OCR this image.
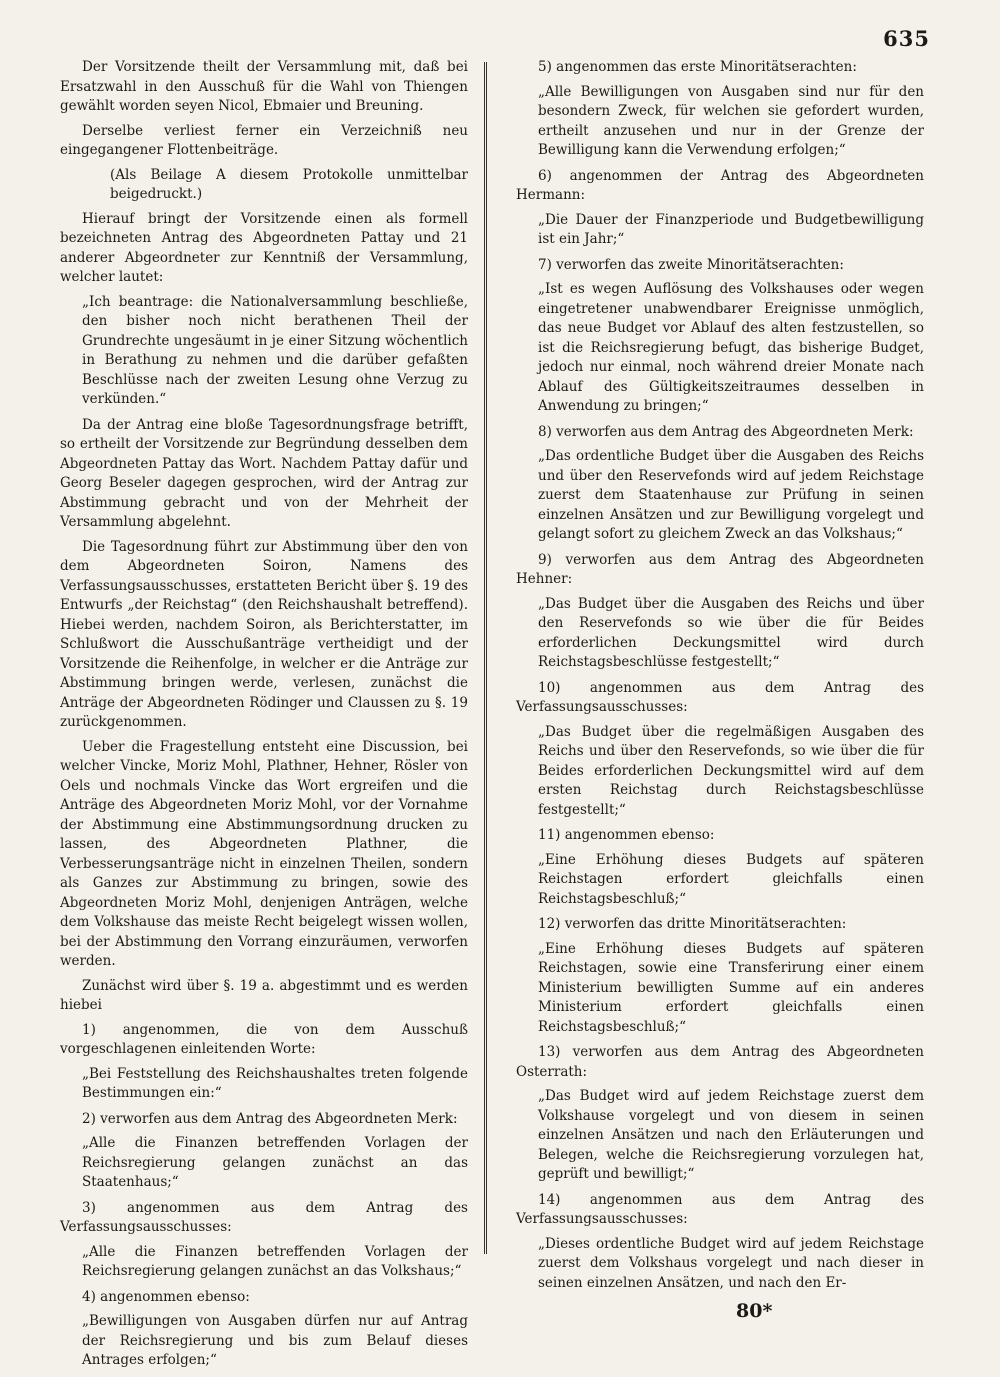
635

Der Vorsitzende theilt der Versammlung mit, daß bei Ersatzwahl in den Ausschuß für die Wahl von Thiengen gewählt worden seyen Nicol, Ebmaier und Breuning.

Derselbe verliest ferner ein Verzeichniß neu eingegangener Flottenbeiträge.

(Als Beilage A diesem Protokolle unmittelbar beigedruckt.)

Hierauf bringt der Vorsitzende einen als formell bezeichneten Antrag des Abgeordneten Pattay und 21 anderer Abgeordneter zur Kenntniß der Versammlung, welcher lautet:

„Ich beantrage: die Nationalversammlung beschließe, den bisher noch nicht berathenen Theil der Grundrechte ungesäumt in je einer Sitzung wöchentlich in Berathung zu nehmen und die darüber gefaßten Beschlüsse nach der zweiten Lesung ohne Verzug zu verkünden.“

Da der Antrag eine bloße Tagesordnungsfrage betrifft, so ertheilt der Vorsitzende zur Begründung desselben dem Abgeordneten Pattay das Wort. Nachdem Pattay dafür und Georg Beseler dagegen gesprochen, wird der Antrag zur Abstimmung gebracht und von der Mehrheit der Versammlung abgelehnt.

Die Tagesordnung führt zur Abstimmung über den von dem Abgeordneten Soiron, Namens des Verfassungsausschusses, erstatteten Bericht über §. 19 des Entwurfs „der Reichstag“ (den Reichshaushalt betreffend). Hiebei werden, nachdem Soiron, als Berichterstatter, im Schlußwort die Ausschußanträge vertheidigt und der Vorsitzende die Reihenfolge, in welcher er die Anträge zur Abstimmung bringen werde, verlesen, zunächst die Anträge der Abgeordneten Rödinger und Claussen zu §. 19 zurückgenommen.

Ueber die Fragestellung entsteht eine Discussion, bei welcher Vincke, Moriz Mohl, Plathner, Hehner, Rösler von Oels und nochmals Vincke das Wort ergreifen und die Anträge des Abgeordneten Moriz Mohl, vor der Vornahme der Abstimmung eine Abstimmungsordnung drucken zu lassen, des Abgeordneten Plathner, die Verbesserungsanträge nicht in einzelnen Theilen, sondern als Ganzes zur Abstimmung zu bringen, sowie des Abgeordneten Moriz Mohl, denjenigen Anträgen, welche dem Volkshause das meiste Recht beigelegt wissen wollen, bei der Abstimmung den Vorrang einzuräumen, verworfen werden.

Zunächst wird über §. 19 a. abgestimmt und es werden hiebei

1) angenommen, die von dem Ausschuß vorgeschlagenen einleitenden Worte:

„Bei Feststellung des Reichshaushaltes treten folgende Bestimmungen ein:“

2) verworfen aus dem Antrag des Abgeordneten Merk:

„Alle die Finanzen betreffenden Vorlagen der Reichsregierung gelangen zunächst an das Staatenhaus;“

3) angenommen aus dem Antrag des Verfassungsausschusses:

„Alle die Finanzen betreffenden Vorlagen der Reichsregierung gelangen zunächst an das Volkshaus;“

4) angenommen ebenso:

„Bewilligungen von Ausgaben dürfen nur auf Antrag der Reichsregierung und bis zum Belauf dieses Antrages erfolgen;“

5) angenommen das erste Minoritätserachten:

„Alle Bewilligungen von Ausgaben sind nur für den besondern Zweck, für welchen sie gefordert wurden, ertheilt anzusehen und nur in der Grenze der Bewilligung kann die Verwendung erfolgen;“

6) angenommen der Antrag des Abgeordneten Hermann:

„Die Dauer der Finanzperiode und Budgetbewilligung ist ein Jahr;“

7) verworfen das zweite Minoritätserachten:

„Ist es wegen Auflösung des Volkshauses oder wegen eingetretener unabwendbarer Ereignisse unmöglich, das neue Budget vor Ablauf des alten festzustellen, so ist die Reichsregierung befugt, das bisherige Budget, jedoch nur einmal, noch während dreier Monate nach Ablauf des Gültigkeitszeitraumes desselben in Anwendung zu bringen;“

8) verworfen aus dem Antrag des Abgeordneten Merk:

„Das ordentliche Budget über die Ausgaben des Reichs und über den Reservefonds wird auf jedem Reichstage zuerst dem Staatenhause zur Prüfung in seinen einzelnen Ansätzen und zur Bewilligung vorgelegt und gelangt sofort zu gleichem Zweck an das Volkshaus;“

9) verworfen aus dem Antrag des Abgeordneten Hehner:

„Das Budget über die Ausgaben des Reichs und über den Reservefonds so wie über die für Beides erforderlichen Deckungsmittel wird durch Reichstagsbeschlüsse festgestellt;“

10) angenommen aus dem Antrag des Verfassungsausschusses:

„Das Budget über die regelmäßigen Ausgaben des Reichs und über den Reservefonds, so wie über die für Beides erforderlichen Deckungsmittel wird auf dem ersten Reichstag durch Reichstagsbeschlüsse festgestellt;“

11) angenommen ebenso:

„Eine Erhöhung dieses Budgets auf späteren Reichstagen erfordert gleichfalls einen Reichstagsbeschluß;“

12) verworfen das dritte Minoritätserachten:

„Eine Erhöhung dieses Budgets auf späteren Reichstagen, sowie eine Transferirung einer einem Ministerium bewilligten Summe auf ein anderes Ministerium erfordert gleichfalls einen Reichstagsbeschluß;“

13) verworfen aus dem Antrag des Abgeordneten Osterrath:

„Das Budget wird auf jedem Reichstage zuerst dem Volkshause vorgelegt und von diesem in seinen einzelnen Ansätzen und nach den Erläuterungen und Belegen, welche die Reichsregierung vorzulegen hat, geprüft und bewilligt;“

14) angenommen aus dem Antrag des Verfassungsausschusses:

„Dieses ordentliche Budget wird auf jedem Reichstage zuerst dem Volkshaus vorgelegt und nach dieser in seinen einzelnen Ansätzen, und nach den Er-

80*
